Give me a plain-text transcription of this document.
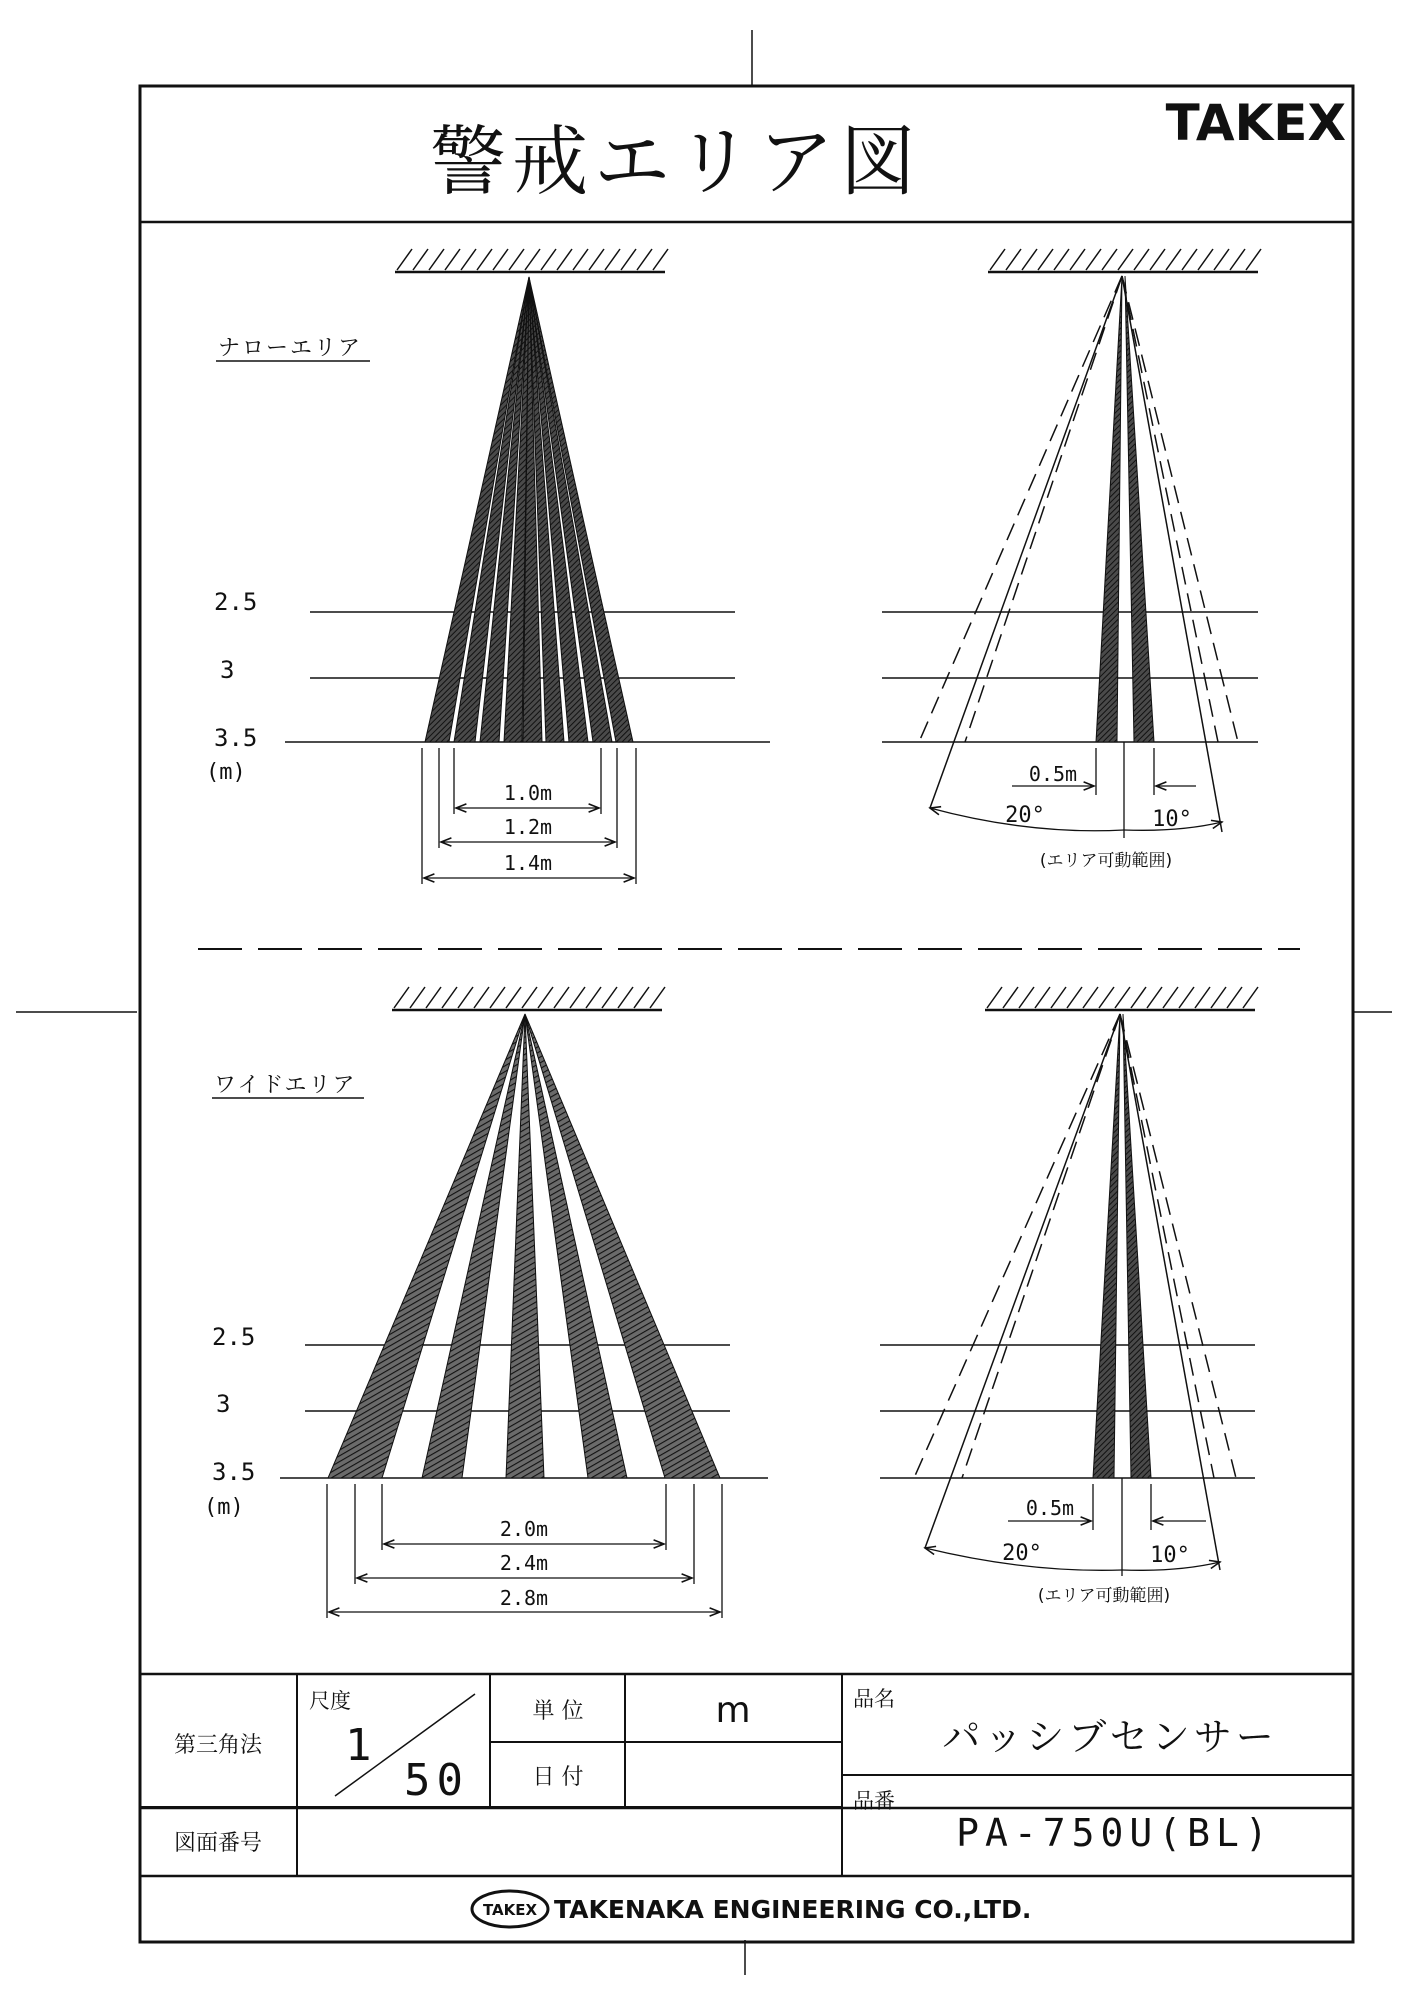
警戒エリア図	TAKEX
ナローエリア
2.5
3
3.5
(m)
1.0m
1.2m
1.4m
0.5m
20°	10°
(エリア可動範囲)
ワイドエリア
2.5
3
3.5
(m)
2.0m
2.4m
2.8m
0.5m
20°	10°
(エリア可動範囲)
第三角法
尺度
1
50
単 位	m
日 付
図面番号
品名
パッシブセンサー
品番
PA-750U(BL)
TAKEX TAKENAKA ENGINEERING CO.,LTD.
